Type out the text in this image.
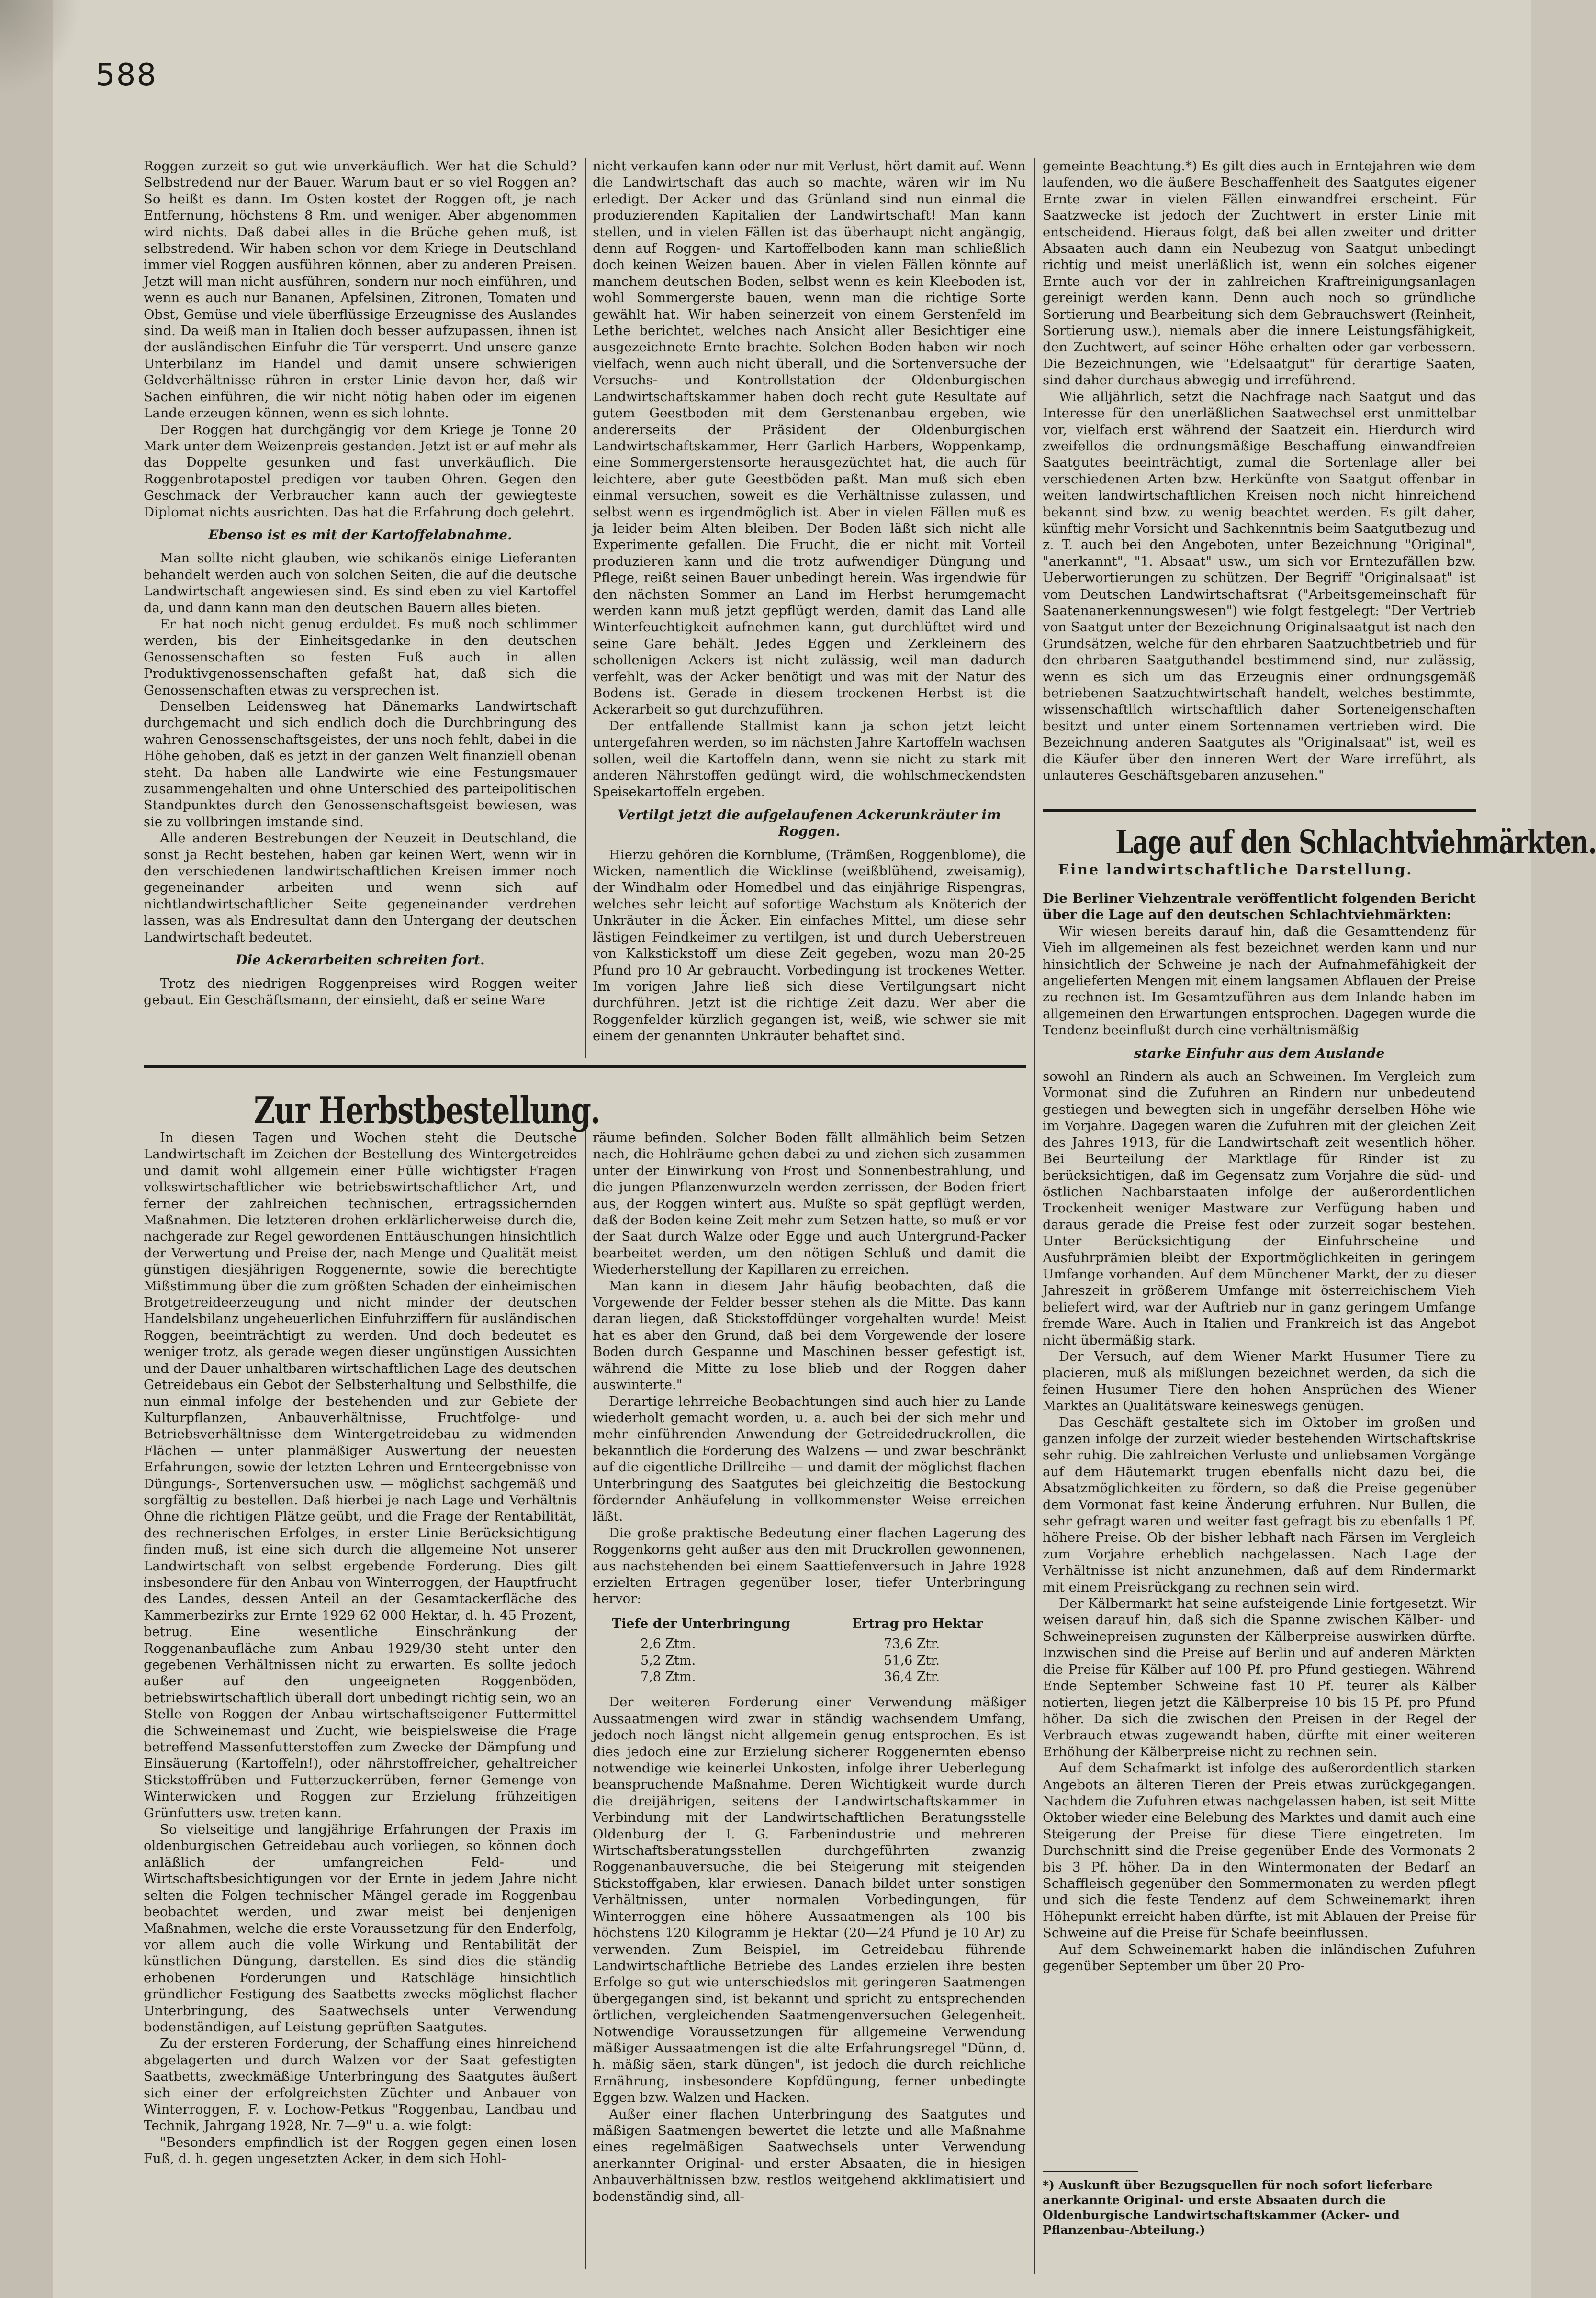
588

Roggen zurzeit so gut wie unverkäuflich. Wer hat die Schuld? Selbstredend nur der Bauer. Warum baut er so viel Roggen an? So heißt es dann. Im Osten kostet der Roggen oft, je nach Entfernung, höchstens 8 Rm. und weniger. Aber abgenommen wird nichts. Daß dabei alles in die Brüche gehen muß, ist selbstredend. Wir haben schon vor dem Kriege in Deutschland immer viel Roggen ausführen können, aber zu anderen Preisen. Jetzt will man nicht ausführen, sondern nur noch einführen, und wenn es auch nur Bananen, Apfelsinen, Zitronen, Tomaten und Obst, Gemüse und viele überflüssige Erzeugnisse des Auslandes sind. Da weiß man in Italien doch besser aufzupassen, ihnen ist der ausländischen Einfuhr die Tür versperrt. Und unsere ganze Unterbilanz im Handel und damit unsere schwierigen Geldverhältnisse rühren in erster Linie davon her, daß wir Sachen einführen, die wir nicht nötig haben oder im eigenen Lande erzeugen können, wenn es sich lohnte.

Der Roggen hat durchgängig vor dem Kriege je Tonne 20 Mark unter dem Weizenpreis gestanden. Jetzt ist er auf mehr als das Doppelte gesunken und fast unverkäuflich. Die Roggenbrotapostel predigen vor tauben Ohren. Gegen den Geschmack der Verbraucher kann auch der gewiegteste Diplomat nichts ausrichten. Das hat die Erfahrung doch gelehrt.

Ebenso ist es mit der Kartoffelabnahme.

Man sollte nicht glauben, wie schikanös einige Lieferanten behandelt werden auch von solchen Seiten, die auf die deutsche Landwirtschaft angewiesen sind. Es sind eben zu viel Kartoffel da, und dann kann man den deutschen Bauern alles bieten.

Er hat noch nicht genug erduldet. Es muß noch schlimmer werden, bis der Einheitsgedanke in den deutschen Genossenschaften so festen Fuß auch in allen Produktivgenossenschaften gefaßt hat, daß sich die Genossenschaften etwas zu versprechen ist.

Denselben Leidensweg hat Dänemarks Landwirtschaft durchgemacht und sich endlich doch die Durchbringung des wahren Genossenschaftsgeistes, der uns noch fehlt, dabei in die Höhe gehoben, daß es jetzt in der ganzen Welt finanziell obenan steht. Da haben alle Landwirte wie eine Festungsmauer zusammengehalten und ohne Unterschied des parteipolitischen Standpunktes durch den Genossenschaftsgeist bewiesen, was sie zu vollbringen imstande sind.

Alle anderen Bestrebungen der Neuzeit in Deutschland, die sonst ja Recht bestehen, haben gar keinen Wert, wenn wir in den verschiedenen landwirtschaftlichen Kreisen immer noch gegeneinander arbeiten und wenn sich auf nichtlandwirtschaftlicher Seite gegeneinander verdrehen lassen, was als Endresultat dann den Untergang der deutschen Landwirtschaft bedeutet.

Die Ackerarbeiten schreiten fort.

Trotz des niedrigen Roggenpreises wird Roggen weiter gebaut. Ein Geschäftsmann, der einsieht, daß er seine Ware

nicht verkaufen kann oder nur mit Verlust, hört damit auf. Wenn die Landwirtschaft das auch so machte, wären wir im Nu erledigt. Der Acker und das Grünland sind nun einmal die produzierenden Kapitalien der Landwirtschaft! Man kann stellen, und in vielen Fällen ist das überhaupt nicht angängig, denn auf Roggen- und Kartoffelboden kann man schließlich doch keinen Weizen bauen. Aber in vielen Fällen könnte auf manchem deutschen Boden, selbst wenn es kein Kleeboden ist, wohl Sommergerste bauen, wenn man die richtige Sorte gewählt hat. Wir haben seinerzeit von einem Gerstenfeld im Lethe berichtet, welches nach Ansicht aller Besichtiger eine ausgezeichnete Ernte brachte. Solchen Boden haben wir noch vielfach, wenn auch nicht überall, und die Sortenversuche der Versuchs- und Kontrollstation der Oldenburgischen Landwirtschaftskammer haben doch recht gute Resultate auf gutem Geestboden mit dem Gerstenanbau ergeben, wie andererseits der Präsident der Oldenburgischen Landwirtschaftskammer, Herr Garlich Harbers, Woppenkamp, eine Sommergerstensorte herausgezüchtet hat, die auch für leichtere, aber gute Geestböden paßt. Man muß sich eben einmal versuchen, soweit es die Verhältnisse zulassen, und selbst wenn es irgendmöglich ist. Aber in vielen Fällen muß es ja leider beim Alten bleiben. Der Boden läßt sich nicht alle Experimente gefallen. Die Frucht, die er nicht mit Vorteil produzieren kann und die trotz aufwendiger Düngung und Pflege, reißt seinen Bauer unbedingt herein. Was irgendwie für den nächsten Sommer an Land im Herbst herumgemacht werden kann muß jetzt gepflügt werden, damit das Land alle Winterfeuchtigkeit aufnehmen kann, gut durchlüftet wird und seine Gare behält. Jedes Eggen und Zerkleinern des schollenigen Ackers ist nicht zulässig, weil man dadurch verfehlt, was der Acker benötigt und was mit der Natur des Bodens ist. Gerade in diesem trockenen Herbst ist die Ackerarbeit so gut durchzuführen.

Der entfallende Stallmist kann ja schon jetzt leicht untergefahren werden, so im nächsten Jahre Kartoffeln wachsen sollen, weil die Kartoffeln dann, wenn sie nicht zu stark mit anderen Nährstoffen gedüngt wird, die wohlschmeckendsten Speisekartoffeln ergeben.

Vertilgt jetzt die aufgelaufenen Ackerunkräuter im Roggen.

Hierzu gehören die Kornblume, (Trämßen, Roggenblome), die Wicken, namentlich die Wicklinse (weißblühend, zweisamig), der Windhalm oder Homedbel und das einjährige Rispengras, welches sehr leicht auf sofortige Wachstum als Knöterich der Unkräuter in die Äcker. Ein einfaches Mittel, um diese sehr lästigen Feindkeimer zu vertilgen, ist und durch Ueberstreuen von Kalkstickstoff um diese Zeit gegeben, wozu man 20-25 Pfund pro 10 Ar gebraucht. Vorbedingung ist trockenes Wetter. Im vorigen Jahre ließ sich diese Vertilgungsart nicht durchführen. Jetzt ist die richtige Zeit dazu. Wer aber die Roggenfelder kürzlich gegangen ist, weiß, wie schwer sie mit einem der genannten Unkräuter behaftet sind.

gemeinte Beachtung.*) Es gilt dies auch in Erntejahren wie dem laufenden, wo die äußere Beschaffenheit des Saatgutes eigener Ernte zwar in vielen Fällen einwandfrei erscheint. Für Saatzwecke ist jedoch der Zuchtwert in erster Linie mit entscheidend. Hieraus folgt, daß bei allen zweiter und dritter Absaaten auch dann ein Neubezug von Saatgut unbedingt richtig und meist unerläßlich ist, wenn ein solches eigener Ernte auch vor der in zahlreichen Kraftreinigungsanlagen gereinigt werden kann. Denn auch noch so gründliche Sortierung und Bearbeitung sich dem Gebrauchswert (Reinheit, Sortierung usw.), niemals aber die innere Leistungsfähigkeit, den Zuchtwert, auf seiner Höhe erhalten oder gar verbessern. Die Bezeichnungen, wie "Edelsaatgut" für derartige Saaten, sind daher durchaus abwegig und irreführend.

Wie alljährlich, setzt die Nachfrage nach Saatgut und das Interesse für den unerläßlichen Saatwechsel erst unmittelbar vor, vielfach erst während der Saatzeit ein. Hierdurch wird zweifellos die ordnungsmäßige Beschaffung einwandfreien Saatgutes beeinträchtigt, zumal die Sortenlage aller bei verschiedenen Arten bzw. Herkünfte von Saatgut offenbar in weiten landwirtschaftlichen Kreisen noch nicht hinreichend bekannt sind bzw. zu wenig beachtet werden. Es gilt daher, künftig mehr Vorsicht und Sachkenntnis beim Saatgutbezug und z. T. auch bei den Angeboten, unter Bezeichnung "Original", "anerkannt", "1. Absaat" usw., um sich vor Erntezufällen bzw. Ueberwortierungen zu schützen. Der Begriff "Originalsaat" ist vom Deutschen Landwirtschaftsrat ("Arbeitsgemeinschaft für Saatenanerkennungswesen") wie folgt festgelegt: "Der Vertrieb von Saatgut unter der Bezeichnung Originalsaatgut ist nach den Grundsätzen, welche für den ehrbaren Saatzuchtbetrieb und für den ehrbaren Saatguthandel bestimmend sind, nur zulässig, wenn es sich um das Erzeugnis einer ordnungsgemäß betriebenen Saatzuchtwirtschaft handelt, welches bestimmte, wissenschaftlich wirtschaftlich daher Sorteneigenschaften besitzt und unter einem Sortennamen vertrieben wird. Die Bezeichnung anderen Saatgutes als "Originalsaat" ist, weil es die Käufer über den inneren Wert der Ware irreführt, als unlauteres Geschäftsgebaren anzusehen."

Lage auf den Schlachtviehmärkten.
Eine landwirtschaftliche Darstellung.

Die Berliner Viehzentrale veröffentlicht folgenden Bericht über die Lage auf den deutschen Schlachtviehmärkten:

Wir wiesen bereits darauf hin, daß die Gesamttendenz für Vieh im allgemeinen als fest bezeichnet werden kann und nur hinsichtlich der Schweine je nach der Aufnahmefähigkeit der angelieferten Mengen mit einem langsamen Abflauen der Preise zu rechnen ist. Im Gesamtzuführen aus dem Inlande haben im allgemeinen den Erwartungen entsprochen. Dagegen wurde die Tendenz beeinflußt durch eine verhältnismäßig

starke Einfuhr aus dem Auslande

sowohl an Rindern als auch an Schweinen. Im Vergleich zum Vormonat sind die Zufuhren an Rindern nur unbedeutend gestiegen und bewegten sich in ungefähr derselben Höhe wie im Vorjahre. Dagegen waren die Zufuhren mit der gleichen Zeit des Jahres 1913, für die Landwirtschaft zeit wesentlich höher. Bei Beurteilung der Marktlage für Rinder ist zu berücksichtigen, daß im Gegensatz zum Vorjahre die süd- und östlichen Nachbarstaaten infolge der außerordentlichen Trockenheit weniger Mastware zur Verfügung haben und daraus gerade die Preise fest oder zurzeit sogar bestehen. Unter Berücksichtigung der Einfuhrscheine und Ausfuhrprämien bleibt der Exportmöglichkeiten in geringem Umfange vorhanden. Auf dem Münchener Markt, der zu dieser Jahreszeit in größerem Umfange mit österreichischem Vieh beliefert wird, war der Auftrieb nur in ganz geringem Umfange fremde Ware. Auch in Italien und Frankreich ist das Angebot nicht übermäßig stark.

Der Versuch, auf dem Wiener Markt Husumer Tiere zu placieren, muß als mißlungen bezeichnet werden, da sich die feinen Husumer Tiere den hohen Ansprüchen des Wiener Marktes an Qualitätsware keineswegs genügen.

Das Geschäft gestaltete sich im Oktober im großen und ganzen infolge der zurzeit wieder bestehenden Wirtschaftskrise sehr ruhig. Die zahlreichen Verluste und unliebsamen Vorgänge auf dem Häutemarkt trugen ebenfalls nicht dazu bei, die Absatzmöglichkeiten zu fördern, so daß die Preise gegenüber dem Vormonat fast keine Änderung erfuhren. Nur Bullen, die sehr gefragt waren und weiter fast gefragt bis zu ebenfalls 1 Pf. höhere Preise. Ob der bisher lebhaft nach Färsen im Vergleich zum Vorjahre erheblich nachgelassen. Nach Lage der Verhältnisse ist nicht anzunehmen, daß auf dem Rindermarkt mit einem Preisrückgang zu rechnen sein wird.

Der Kälbermarkt hat seine aufsteigende Linie fortgesetzt. Wir weisen darauf hin, daß sich die Spanne zwischen Kälber- und Schweinepreisen zugunsten der Kälberpreise auswirken dürfte. Inzwischen sind die Preise auf Berlin und auf anderen Märkten die Preise für Kälber auf 100 Pf. pro Pfund gestiegen. Während Ende September Schweine fast 10 Pf. teurer als Kälber notierten, liegen jetzt die Kälberpreise 10 bis 15 Pf. pro Pfund höher. Da sich die zwischen den Preisen in der Regel der Verbrauch etwas zugewandt haben, dürfte mit einer weiteren Erhöhung der Kälberpreise nicht zu rechnen sein.

Auf dem Schafmarkt ist infolge des außerordentlich starken Angebots an älteren Tieren der Preis etwas zurückgegangen. Nachdem die Zufuhren etwas nachgelassen haben, ist seit Mitte Oktober wieder eine Belebung des Marktes und damit auch eine Steigerung der Preise für diese Tiere eingetreten. Im Durchschnitt sind die Preise gegenüber Ende des Vormonats 2 bis 3 Pf. höher. Da in den Wintermonaten der Bedarf an Schaffleisch gegenüber den Sommermonaten zu werden pflegt und sich die feste Tendenz auf dem Schweinemarkt ihren Höhepunkt erreicht haben dürfte, ist mit Ablauen der Preise für Schweine auf die Preise für Schafe beeinflussen.

Auf dem Schweinemarkt haben die inländischen Zufuhren gegenüber September um über 20 Pro-

Zur Herbstbestellung.

In diesen Tagen und Wochen steht die Deutsche Landwirtschaft im Zeichen der Bestellung des Wintergetreides und damit wohl allgemein einer Fülle wichtigster Fragen volkswirtschaftlicher wie betriebswirtschaftlicher Art, und ferner der zahlreichen technischen, ertragssichernden Maßnahmen. Die letzteren drohen erklärlicherweise durch die, nachgerade zur Regel gewordenen Enttäuschungen hinsichtlich der Verwertung und Preise der, nach Menge und Qualität meist günstigen diesjährigen Roggenernte, sowie die berechtigte Mißstimmung über die zum größten Schaden der einheimischen Brotgetreideerzeugung und nicht minder der deutschen Handelsbilanz ungeheuerlichen Einfuhrziffern für ausländischen Roggen, beeinträchtigt zu werden. Und doch bedeutet es weniger trotz, als gerade wegen dieser ungünstigen Aussichten und der Dauer unhaltbaren wirtschaftlichen Lage des deutschen Getreidebaus ein Gebot der Selbsterhaltung und Selbsthilfe, die nun einmal infolge der bestehenden und zur Gebiete der Kulturpflanzen, Anbauverhältnisse, Fruchtfolge- und Betriebsverhältnisse dem Wintergetreidebau zu widmenden Flächen — unter planmäßiger Auswertung der neuesten Erfahrungen, sowie der letzten Lehren und Ernteergebnisse von Düngungs-, Sortenversuchen usw. — möglichst sachgemäß und sorgfältig zu bestellen. Daß hierbei je nach Lage und Verhältnis Ohne die richtigen Plätze geübt, und die Frage der Rentabilität, des rechnerischen Erfolges, in erster Linie Berücksichtigung finden muß, ist eine sich durch die allgemeine Not unserer Landwirtschaft von selbst ergebende Forderung. Dies gilt insbesondere für den Anbau von Winterroggen, der Hauptfrucht des Landes, dessen Anteil an der Gesamtackerfläche des Kammerbezirks zur Ernte 1929 62 000 Hektar, d. h. 45 Prozent, betrug. Eine wesentliche Einschränkung der Roggenanbaufläche zum Anbau 1929/30 steht unter den gegebenen Verhältnissen nicht zu erwarten. Es sollte jedoch außer auf den ungeeigneten Roggenböden, betriebswirtschaftlich überall dort unbedingt richtig sein, wo an Stelle von Roggen der Anbau wirtschaftseigener Futtermittel die Schweinemast und Zucht, wie beispielsweise die Frage betreffend Massenfutterstoffen zum Zwecke der Dämpfung und Einsäuerung (Kartoffeln!), oder nährstoffreicher, gehaltreicher Stickstoffrüben und Futterzuckerrüben, ferner Gemenge von Winterwicken und Roggen zur Erzielung frühzeitigen Grünfutters usw. treten kann.

So vielseitige und langjährige Erfahrungen der Praxis im oldenburgischen Getreidebau auch vorliegen, so können doch anläßlich der umfangreichen Feld- und Wirtschaftsbesichtigungen vor der Ernte in jedem Jahre nicht selten die Folgen technischer Mängel gerade im Roggenbau beobachtet werden, und zwar meist bei denjenigen Maßnahmen, welche die erste Voraussetzung für den Enderfolg, vor allem auch die volle Wirkung und Rentabilität der künstlichen Düngung, darstellen. Es sind dies die ständig erhobenen Forderungen und Ratschläge hinsichtlich gründlicher Festigung des Saatbetts zwecks möglichst flacher Unterbringung, des Saatwechsels unter Verwendung bodenständigen, auf Leistung geprüften Saatgutes.

Zu der ersteren Forderung, der Schaffung eines hinreichend abgelagerten und durch Walzen vor der Saat gefestigten Saatbetts, zweckmäßige Unterbringung des Saatgutes äußert sich einer der erfolgreichsten Züchter und Anbauer von Winterroggen, F. v. Lochow-Petkus "Roggenbau, Landbau und Technik, Jahrgang 1928, Nr. 7—9" u. a. wie folgt:

"Besonders empfindlich ist der Roggen gegen einen losen Fuß, d. h. gegen ungesetzten Acker, in dem sich Hohl-

räume befinden. Solcher Boden fällt allmählich beim Setzen nach, die Hohlräume gehen dabei zu und ziehen sich zusammen unter der Einwirkung von Frost und Sonnenbestrahlung, und die jungen Pflanzenwurzeln werden zerrissen, der Boden friert aus, der Roggen wintert aus. Mußte so spät gepflügt werden, daß der Boden keine Zeit mehr zum Setzen hatte, so muß er vor der Saat durch Walze oder Egge und auch Untergrund-Packer bearbeitet werden, um den nötigen Schluß und damit die Wiederherstellung der Kapillaren zu erreichen.

Man kann in diesem Jahr häufig beobachten, daß die Vorgewende der Felder besser stehen als die Mitte. Das kann daran liegen, daß Stickstoffdünger vorgehalten wurde! Meist hat es aber den Grund, daß bei dem Vorgewende der losere Boden durch Gespanne und Maschinen besser gefestigt ist, während die Mitte zu lose blieb und der Roggen daher auswinterte."

Derartige lehrreiche Beobachtungen sind auch hier zu Lande wiederholt gemacht worden, u. a. auch bei der sich mehr und mehr einführenden Anwendung der Getreidedruckrollen, die bekanntlich die Forderung des Walzens — und zwar beschränkt auf die eigentliche Drillreihe — und damit der möglichst flachen Unterbringung des Saatgutes bei gleichzeitig die Bestockung fördernder Anhäufelung in vollkommenster Weise erreichen läßt.

Die große praktische Bedeutung einer flachen Lagerung des Roggenkorns geht außer aus den mit Druckrollen gewonnenen, aus nachstehenden bei einem Saattiefenversuch in Jahre 1928 erzielten Ertragen gegenüber loser, tiefer Unterbringung hervor:

Tiefe der Unterbringung	Ertrag pro Hektar
2,6 Ztm.	73,6 Ztr.
5,2 Ztm.	51,6 Ztr.
7,8 Ztm.	36,4 Ztr.

Der weiteren Forderung einer Verwendung mäßiger Aussaatmengen wird zwar in ständig wachsendem Umfang, jedoch noch längst nicht allgemein genug entsprochen. Es ist dies jedoch eine zur Erzielung sicherer Roggenernten ebenso notwendige wie keinerlei Unkosten, infolge ihrer Ueberlegung beanspruchende Maßnahme. Deren Wichtigkeit wurde durch die dreijährigen, seitens der Landwirtschaftskammer in Verbindung mit der Landwirtschaftlichen Beratungsstelle Oldenburg der I. G. Farbenindustrie und mehreren Wirtschaftsberatungsstellen durchgeführten zwanzig Roggenanbauversuche, die bei Steigerung mit steigenden Stickstoffgaben, klar erwiesen. Danach bildet unter sonstigen Verhältnissen, unter normalen Vorbedingungen, für Winterroggen eine höhere Aussaatmengen als 100 bis höchstens 120 Kilogramm je Hektar (20—24 Pfund je 10 Ar) zu verwenden. Zum Beispiel, im Getreidebau führende Landwirtschaftliche Betriebe des Landes erzielen ihre besten Erfolge so gut wie unterschiedslos mit geringeren Saatmengen übergegangen sind, ist bekannt und spricht zu entsprechenden örtlichen, vergleichenden Saatmengenversuchen Gelegenheit. Notwendige Voraussetzungen für allgemeine Verwendung mäßiger Aussaatmengen ist die alte Erfahrungsregel "Dünn, d. h. mäßig säen, stark düngen", ist jedoch die durch reichliche Ernährung, insbesondere Kopfdüngung, ferner unbedingte Eggen bzw. Walzen und Hacken.

Außer einer flachen Unterbringung des Saatgutes und mäßigen Saatmengen bewertet die letzte und alle Maßnahme eines regelmäßigen Saatwechsels unter Verwendung anerkannter Original- und erster Absaaten, die in hiesigen Anbauverhältnissen bzw. restlos weitgehend akklimatisiert und bodenständig sind, all-

*) Auskunft über Bezugsquellen für noch sofort lieferbare anerkannte Original- und erste Absaaten durch die Oldenburgische Landwirtschaftskammer (Acker- und Pflanzenbau-Abteilung.)
